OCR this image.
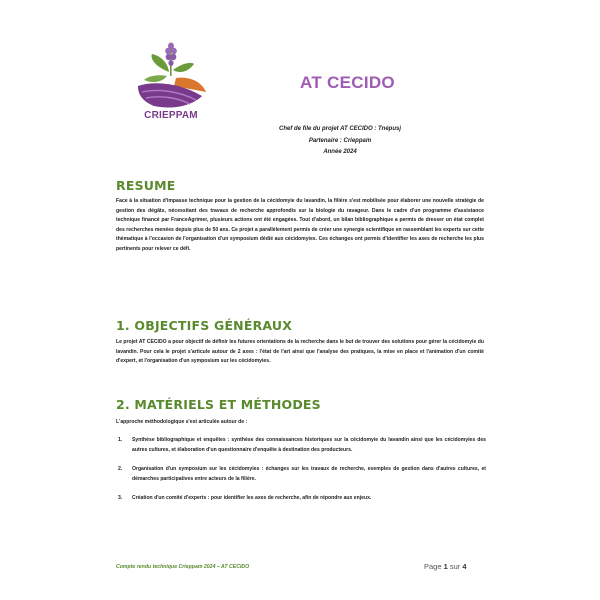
CRIEPPAM
AT CECIDO
Chef de file du projet AT CECIDO : Tnépusj
Partenaire : Crieppam
Année 2024
RESUME
Face à la situation d'impasse technique pour la gestion de la cécidomyie du lavandin, la filière s'est mobilisée pour élaborer une nouvelle stratégie de gestion des dégâts, nécessitant des travaux de recherche approfondis sur la biologie du ravageur. Dans le cadre d'un programme d'assistance technique financé par FranceAgrimer, plusieurs actions ont été engagées. Tout d'abord, un bilan bibliographique a permis de dresser un état complet des recherches menées depuis plus de 50 ans. Ce projet a parallèlement permis de créer une synergie scientifique en rassemblant les experts sur cette thématique à l'occasion de l'organisation d'un symposium dédié aux cécidomyies. Ces échanges ont permis d'identifier les axes de recherche les plus pertinents pour relever ce défi.
1. OBJECTIFS GÉNÉRAUX
Le projet AT CECIDO a pour objectif de définir les futures orientations de la recherche dans le but de trouver des solutions pour gérer la cécidomyie du lavandin. Pour cela le projet s'articule autour de 2 axes : l'état de l'art ainsi que l'analyse des pratiques, la mise en place et l'animation d'un comité d'expert, et l'organisation d'un symposium sur les cécidomyies.
2. MATÉRIELS ET MÉTHODES
L'approche méthodologique s'est articulée autour de :
1. Synthèse bibliographique et enquêtes : synthèse des connaissances historiques sur la cécidomyie du lavandin ainsi que les cécidomyies des autres cultures, et élaboration d'un questionnaire d'enquête à destination des producteurs.
2. Organisation d'un symposium sur les cécidomyies : échanges sur les travaux de recherche, exemples de gestion dans d'autres cultures, et démarches participatives entre acteurs de la filière.
3. Création d'un comité d'experts : pour identifier les axes de recherche, afin de répondre aux enjeux.
Compte rendu technique Crieppam 2024 – AT CECIDO	Page 1 sur 4
